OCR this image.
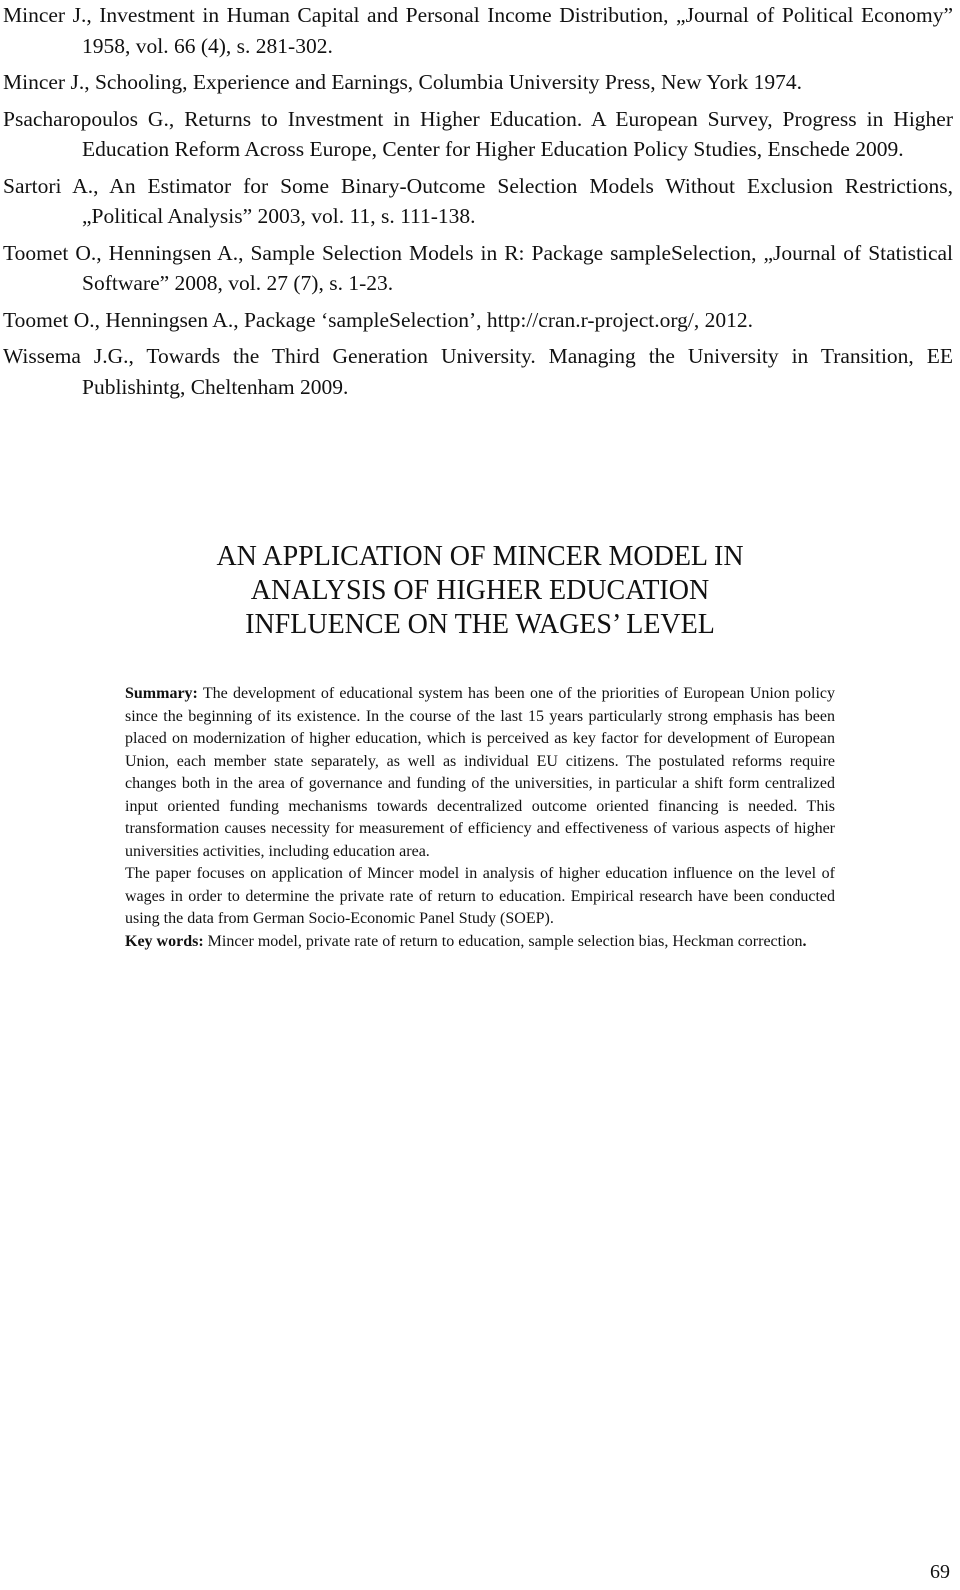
Mincer J., Investment in Human Capital and Personal Income Distribution, „Journal of Political Economy” 1958, vol. 66 (4), s. 281-302.
Mincer J., Schooling, Experience and Earnings, Columbia University Press, New York 1974.
Psacharopoulos G., Returns to Investment in Higher Education. A European Survey, Progress in Higher Education Reform Across Europe, Center for Higher Education Policy Studies, Enschede 2009.
Sartori A., An Estimator for Some Binary-Outcome Selection Models Without Exclusion Restrictions, „Political Analysis” 2003, vol. 11, s. 111-138.
Toomet O., Henningsen A., Sample Selection Models in R: Package sampleSelection, „Journal of Statistical Software” 2008, vol. 27 (7), s. 1-23.
Toomet O., Henningsen A., Package ‘sampleSelection’, http://cran.r-project.org/, 2012.
Wissema J.G., Towards the Third Generation University. Managing the University in Transition, EE Publishintg, Cheltenham 2009.
AN APPLICATION OF MINCER MODEL IN
ANALYSIS OF HIGHER EDUCATION
INFLUENCE ON THE WAGES’ LEVEL

Summary: The development of educational system has been one of the priorities of European Union policy since the beginning of its existence. In the course of the last 15 years particularly strong emphasis has been placed on modernization of higher education, which is perceived as key factor for development of European Union, each member state separately, as well as individual EU citizens. The postulated reforms require changes both in the area of governance and funding of the universities, in particular a shift form centralized input oriented funding mechanisms towards decentralized outcome oriented financing is needed. This transformation causes necessity for measurement of efficiency and effectiveness of various aspects of higher universities activities, including education area.

The paper focuses on application of Mincer model in analysis of higher education influence on the level of wages in order to determine the private rate of return to education. Empirical research have been conducted using the data from German Socio-Economic Panel Study (SOEP).

Key words: Mincer model, private rate of return to education, sample selection bias, Heckman correction.

69
